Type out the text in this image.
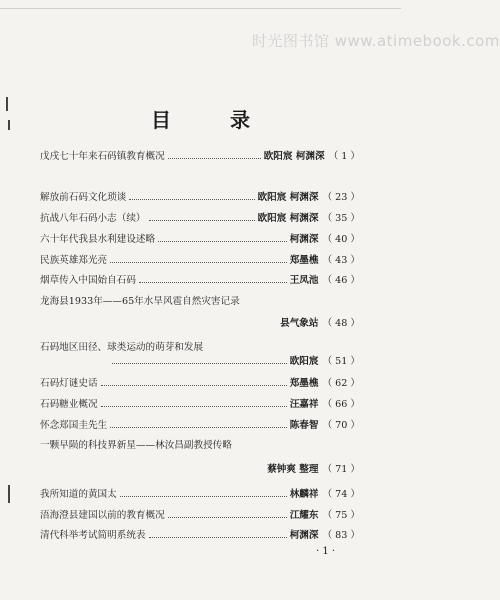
时光图书馆 www.atimebook.com
目 录
戊戌七十年来石码镇教育概况	欧阳宸 柯渊深 （ 1 ）
解放前石码文化琐谈	欧阳宸 柯渊深 （ 23 ）
抗战八年石码小志（续）	欧阳宸 柯渊深 （ 35 ）
六十年代我县水利建设述略	柯渊深 （ 40 ）
民族英雄郑光亮	郑墨樵 （ 43 ）
烟草传入中国始自石码	王凤池 （ 46 ）
龙海县1933年——65年水旱风雹自然灾害记录
县气象站 （ 48 ）
石码地区田径、球类运动的萌芽和发展
欧阳宸 （ 51 ）
石码灯谜史话	郑墨樵 （ 62 ）
石码糖业概况	汪嘉祥 （ 66 ）
怀念郑国圭先生	陈春智 （ 70 ）
一颗早陨的科技界新星——林汝昌副教授传略
蔡钟爽 整理 （ 71 ）
我所知道的黄国太	林麟祥 （ 74 ）
浯海澄县建国以前的教育概况	江耀东 （ 75 ）
清代科举考试简明系统表	柯渊深 （ 83 ）
· 1 ·
